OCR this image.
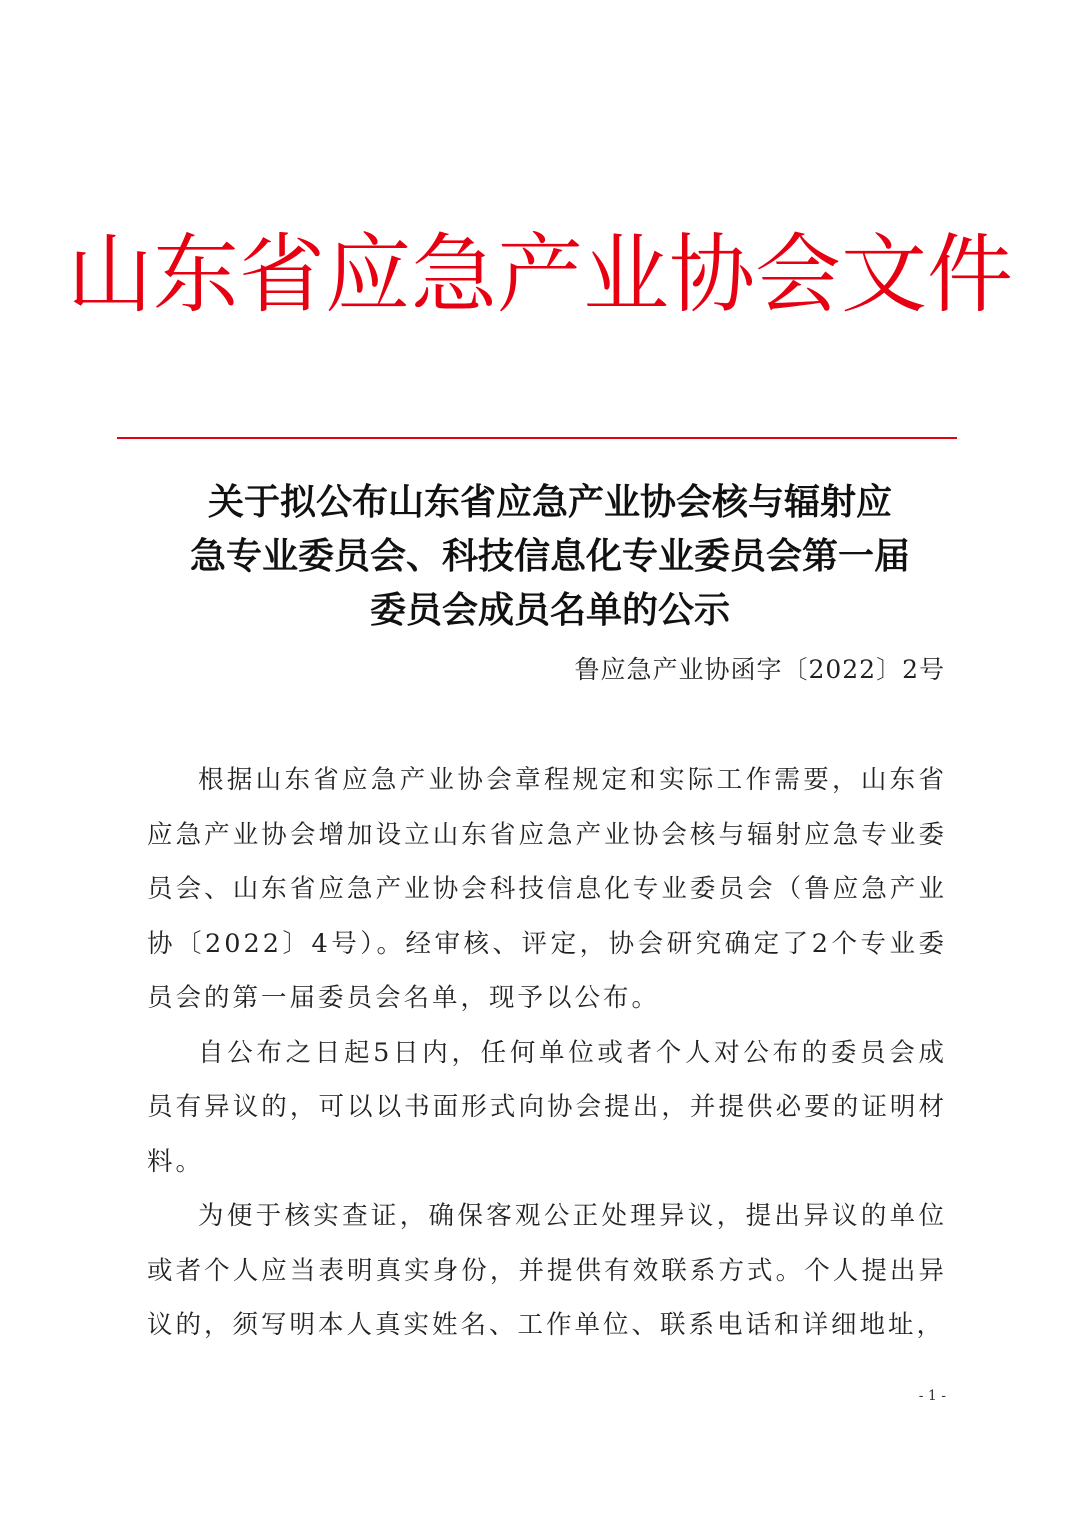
山东省应急产业协会文件
关于拟公布山东省应急产业协会核与辐射应
急专业委员会、科技信息化专业委员会第一届
委员会成员名单的公示
鲁应急产业协函字〔2022〕2号

根据山东省应急产业协会章程规定和实际工作需要，山东省应急产业协会增加设立山东省应急产业协会核与辐射应急专业委员会、山东省应急产业协会科技信息化专业委员会（鲁应急产业协〔2022〕4号）。经审核、评定，协会研究确定了2个专业委员会的第一届委员会名单，现予以公布。

自公布之日起5日内，任何单位或者个人对公布的委员会成员有异议的，可以以书面形式向协会提出，并提供必要的证明材料。

为便于核实查证，确保客观公正处理异议，提出异议的单位或者个人应当表明真实身份，并提供有效联系方式。个人提出异议的，须写明本人真实姓名、工作单位、联系电话和详细地址，

- 1 -
